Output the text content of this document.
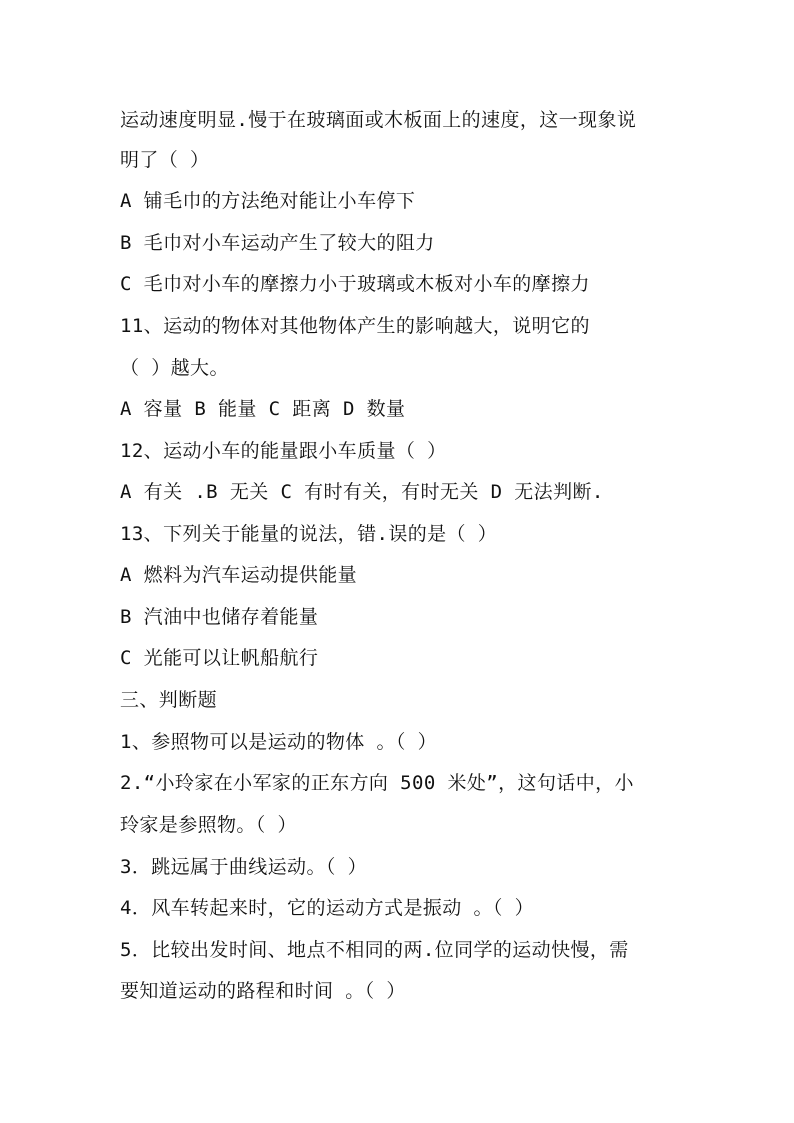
运动速度明显.慢于在玻璃面或木板面上的速度，这一现象说
明了（ ）
A 铺毛巾的方法绝对能让小车停下
B 毛巾对小车运动产生了较大的阻力
C 毛巾对小车的摩擦力小于玻璃或木板对小车的摩擦力
11、运动的物体对其他物体产生的影响越大，说明它的
（ ）越大。
A 容量 B 能量 C 距离 D 数量
12、运动小车的能量跟小车质量（ ）
A 有关 .B 无关 C 有时有关，有时无关 D 无法判断.
13、下列关于能量的说法，错.误的是（ ）
A 燃料为汽车运动提供能量
B 汽油中也储存着能量
C 光能可以让帆船航行
三、判断题
1、参照物可以是运动的物体 。（ ）
2.“小玲家在小军家的正东方向 500 米处”，这句话中，小
玲家是参照物。（ ）
3．跳远属于曲线运动。（ ）
4．风车转起来时，它的运动方式是振动 。（ ）
5．比较出发时间、地点不相同的两.位同学的运动快慢，需
要知道运动的路程和时间 。（ ）
